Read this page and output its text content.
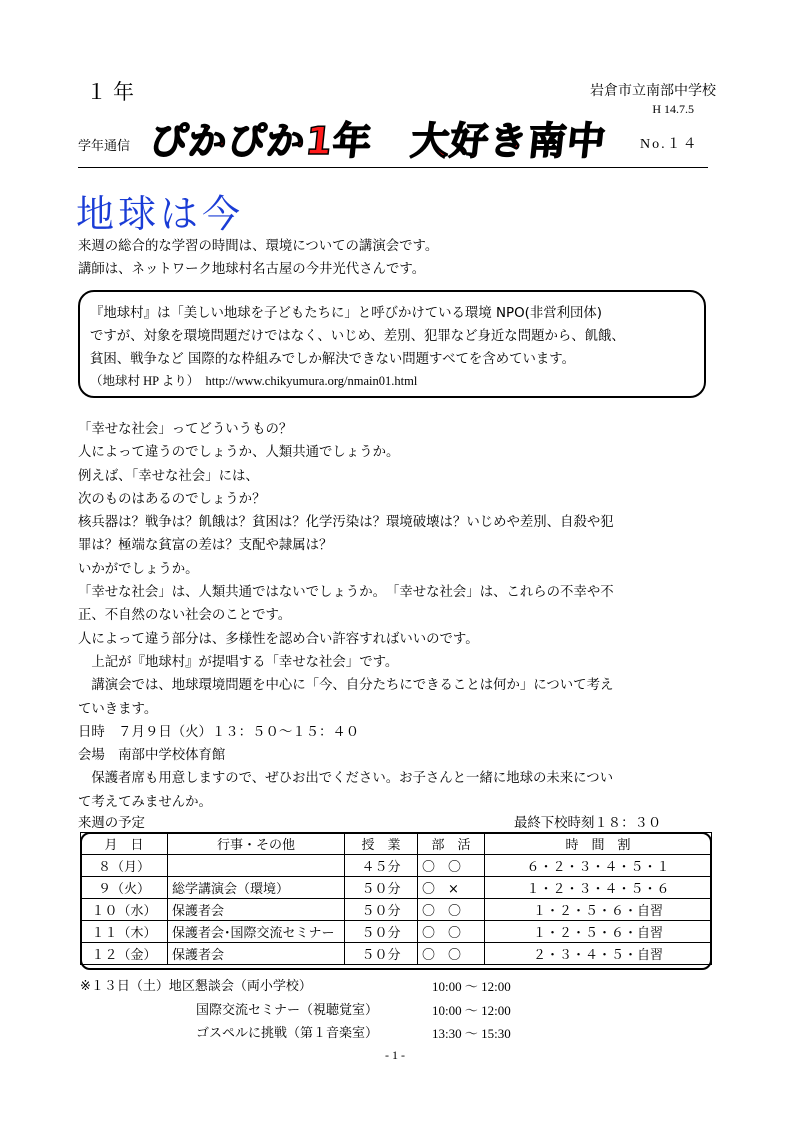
１年	岩倉市立南部中学校
H 14.7.5
学年通信 ぴかぴか1年　大好き南中 No.１４
地球は今
来週の総合的な学習の時間は、環境についての講演会です。
講師は、ネットワーク地球村名古屋の今井光代さんです。
『地球村』は「美しい地球を子どもたちに」と呼びかけている環境 NPO(非営利団体)
ですが、対象を環境問題だけではなく、いじめ、差別、犯罪など身近な問題から、飢餓、
貧困、戦争など 国際的な枠組みでしか解決できない問題すべてを含めています。
（地球村 HP より）　http://www.chikyumura.org/nmain01.html
「幸せな社会」ってどういうもの？
人によって違うのでしょうか、人類共通でしょうか。
例えば、「幸せな社会」には、
次のものはあるのでしょうか？
核兵器は？戦争は？飢餓は？貧困は？化学汚染は？環境破壊は？いじめや差別、自殺や犯
罪は？極端な貧富の差は？支配や隷属は？
いかがでしょうか。
「幸せな社会」は、人類共通ではないでしょうか。　「幸せな社会」は、これらの不幸や不
正、不自然のない社会のことです。
人によって違う部分は、多様性を認め合い許容すればいいのです。
　上記が『地球村』が提唱する「幸せな社会」です。
　講演会では、地球環境問題を中心に「今、自分たちにできることは何か」について考え
ていきます。
日時　７月９日（火）１３：５０～１５：４０
会場　南部中学校体育館
　保護者席も用意しますので、ぜひお出でください。お子さんと一緒に地球の未来につい
て考えてみませんか。
来週の予定	最終下校時刻１８：３０
月　日	行事・その他	授　業	部　活	時　間　割
８（月）		４５分	〇　〇	６・２・３・４・５・１
９（火）	総学講演会（環境）	５０分	〇　×	１・２・３・４・５・６
１０（水）	保護者会	５０分	〇　〇	１・２・５・６・自習
１１（木）	保護者会･国際交流セミナー	５０分	〇　〇	１・２・５・６・自習
１２（金）	保護者会	５０分	〇　〇	２・３・４・５・自習
※１３日（土）地区懇談会（両小学校）	10:00 ～ 12:00
国際交流セミナー（視聴覚室）	10:00 ～ 12:00
ゴスペルに挑戦（第１音楽室）	13:30 ～ 15:30
- 1 -
